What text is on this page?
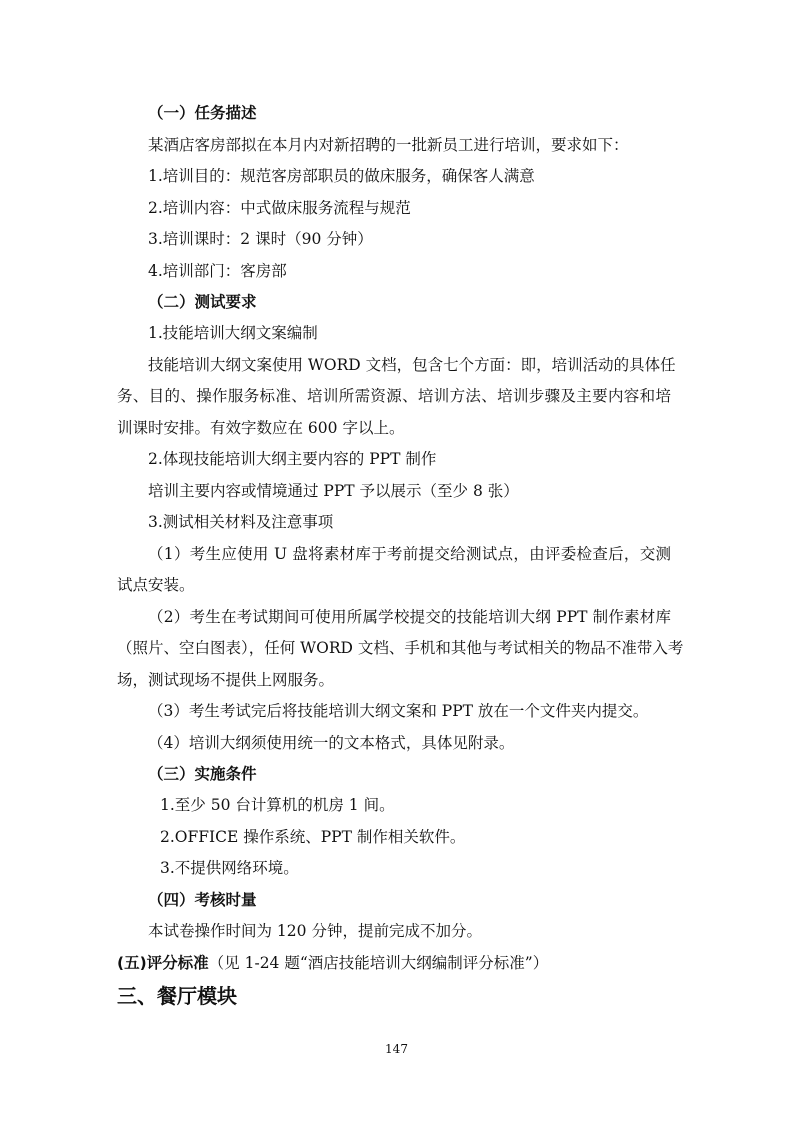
（一）任务描述
某酒店客房部拟在本月内对新招聘的一批新员工进行培训，要求如下：
1.培训目的：规范客房部职员的做床服务，确保客人满意
2.培训内容：中式做床服务流程与规范
3.培训课时：2 课时（90 分钟）
4.培训部门：客房部
（二）测试要求
1.技能培训大纲文案编制
技能培训大纲文案使用 WORD 文档，包含七个方面：即，培训活动的具体任
务、目的、操作服务标准、培训所需资源、培训方法、培训步骤及主要内容和培
训课时安排。有效字数应在 600 字以上。
2.体现技能培训大纲主要内容的 PPT 制作
培训主要内容或情境通过 PPT 予以展示（至少 8 张）
3.测试相关材料及注意事项
（1）考生应使用 U 盘将素材库于考前提交给测试点，由评委检查后，交测
试点安装。
（2）考生在考试期间可使用所属学校提交的技能培训大纲 PPT 制作素材库
（照片、空白图表），任何 WORD 文档、手机和其他与考试相关的物品不准带入考
场，测试现场不提供上网服务。
（3）考生考试完后将技能培训大纲文案和 PPT 放在一个文件夹内提交。
（4）培训大纲须使用统一的文本格式，具体见附录。
（三）实施条件
1.至少 50 台计算机的机房 1 间。
2.OFFICE 操作系统、PPT 制作相关软件。
3.不提供网络环境。
（四）考核时量
本试卷操作时间为 120 分钟，提前完成不加分。
(五)评分标准（见 1-24 题“酒店技能培训大纲编制评分标准”）
三、餐厅模块
147
